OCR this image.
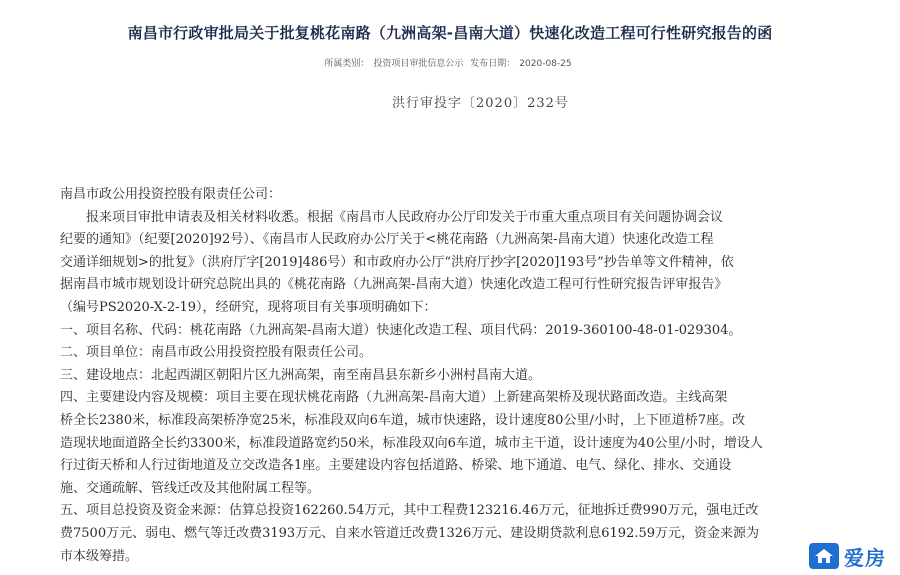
南昌市行政审批局关于批复桃花南路（九洲高架-昌南大道）快速化改造工程可行性研究报告的函
所属类别： 投资项目审批信息公示 发布日期： 2020-08-25
洪行审投字〔2020〕232号
南昌市政公用投资控股有限责任公司：
　　报来项目审批申请表及相关材料收悉。根据《南昌市人民政府办公厅印发关于市重大重点项目有关问题协调会议
纪要的通知》（纪要[2020]92号）、《南昌市人民政府办公厅关于<桃花南路（九洲高架-昌南大道）快速化改造工程
交通详细规划>的批复》（洪府厅字[2019]486号）和市政府办公厅“洪府厅抄字[2020]193号”抄告单等文件精神，依
据南昌市城市规划设计研究总院出具的《桃花南路（九洲高架-昌南大道）快速化改造工程可行性研究报告评审报告》
（编号PS2020-X-2-19），经研究，现将项目有关事项明确如下：
一、项目名称、代码：桃花南路（九洲高架-昌南大道）快速化改造工程、项目代码：2019-360100-48-01-029304。
二、项目单位：南昌市政公用投资控股有限责任公司。
三、建设地点：北起西湖区朝阳片区九洲高架，南至南昌县东新乡小洲村昌南大道。
四、主要建设内容及规模：项目主要在现状桃花南路（九洲高架-昌南大道）上新建高架桥及现状路面改造。主线高架
桥全长2380米，标准段高架桥净宽25米，标准段双向6车道，城市快速路，设计速度80公里/小时，上下匝道桥7座。改
造现状地面道路全长约3300米，标准段道路宽约50米，标准段双向6车道，城市主干道，设计速度为40公里/小时，增设人
行过街天桥和人行过街地道及立交改造各1座。主要建设内容包括道路、桥梁、地下通道、电气、绿化、排水、交通设
施、交通疏解、管线迁改及其他附属工程等。
五、项目总投资及资金来源：估算总投资162260.54万元，其中工程费123216.46万元，征地拆迁费990万元，强电迁改
费7500万元、弱电、燃气等迁改费3193万元、自来水管道迁改费1326万元、建设期贷款利息6192.59万元，资金来源为
市本级筹措。	爱房
